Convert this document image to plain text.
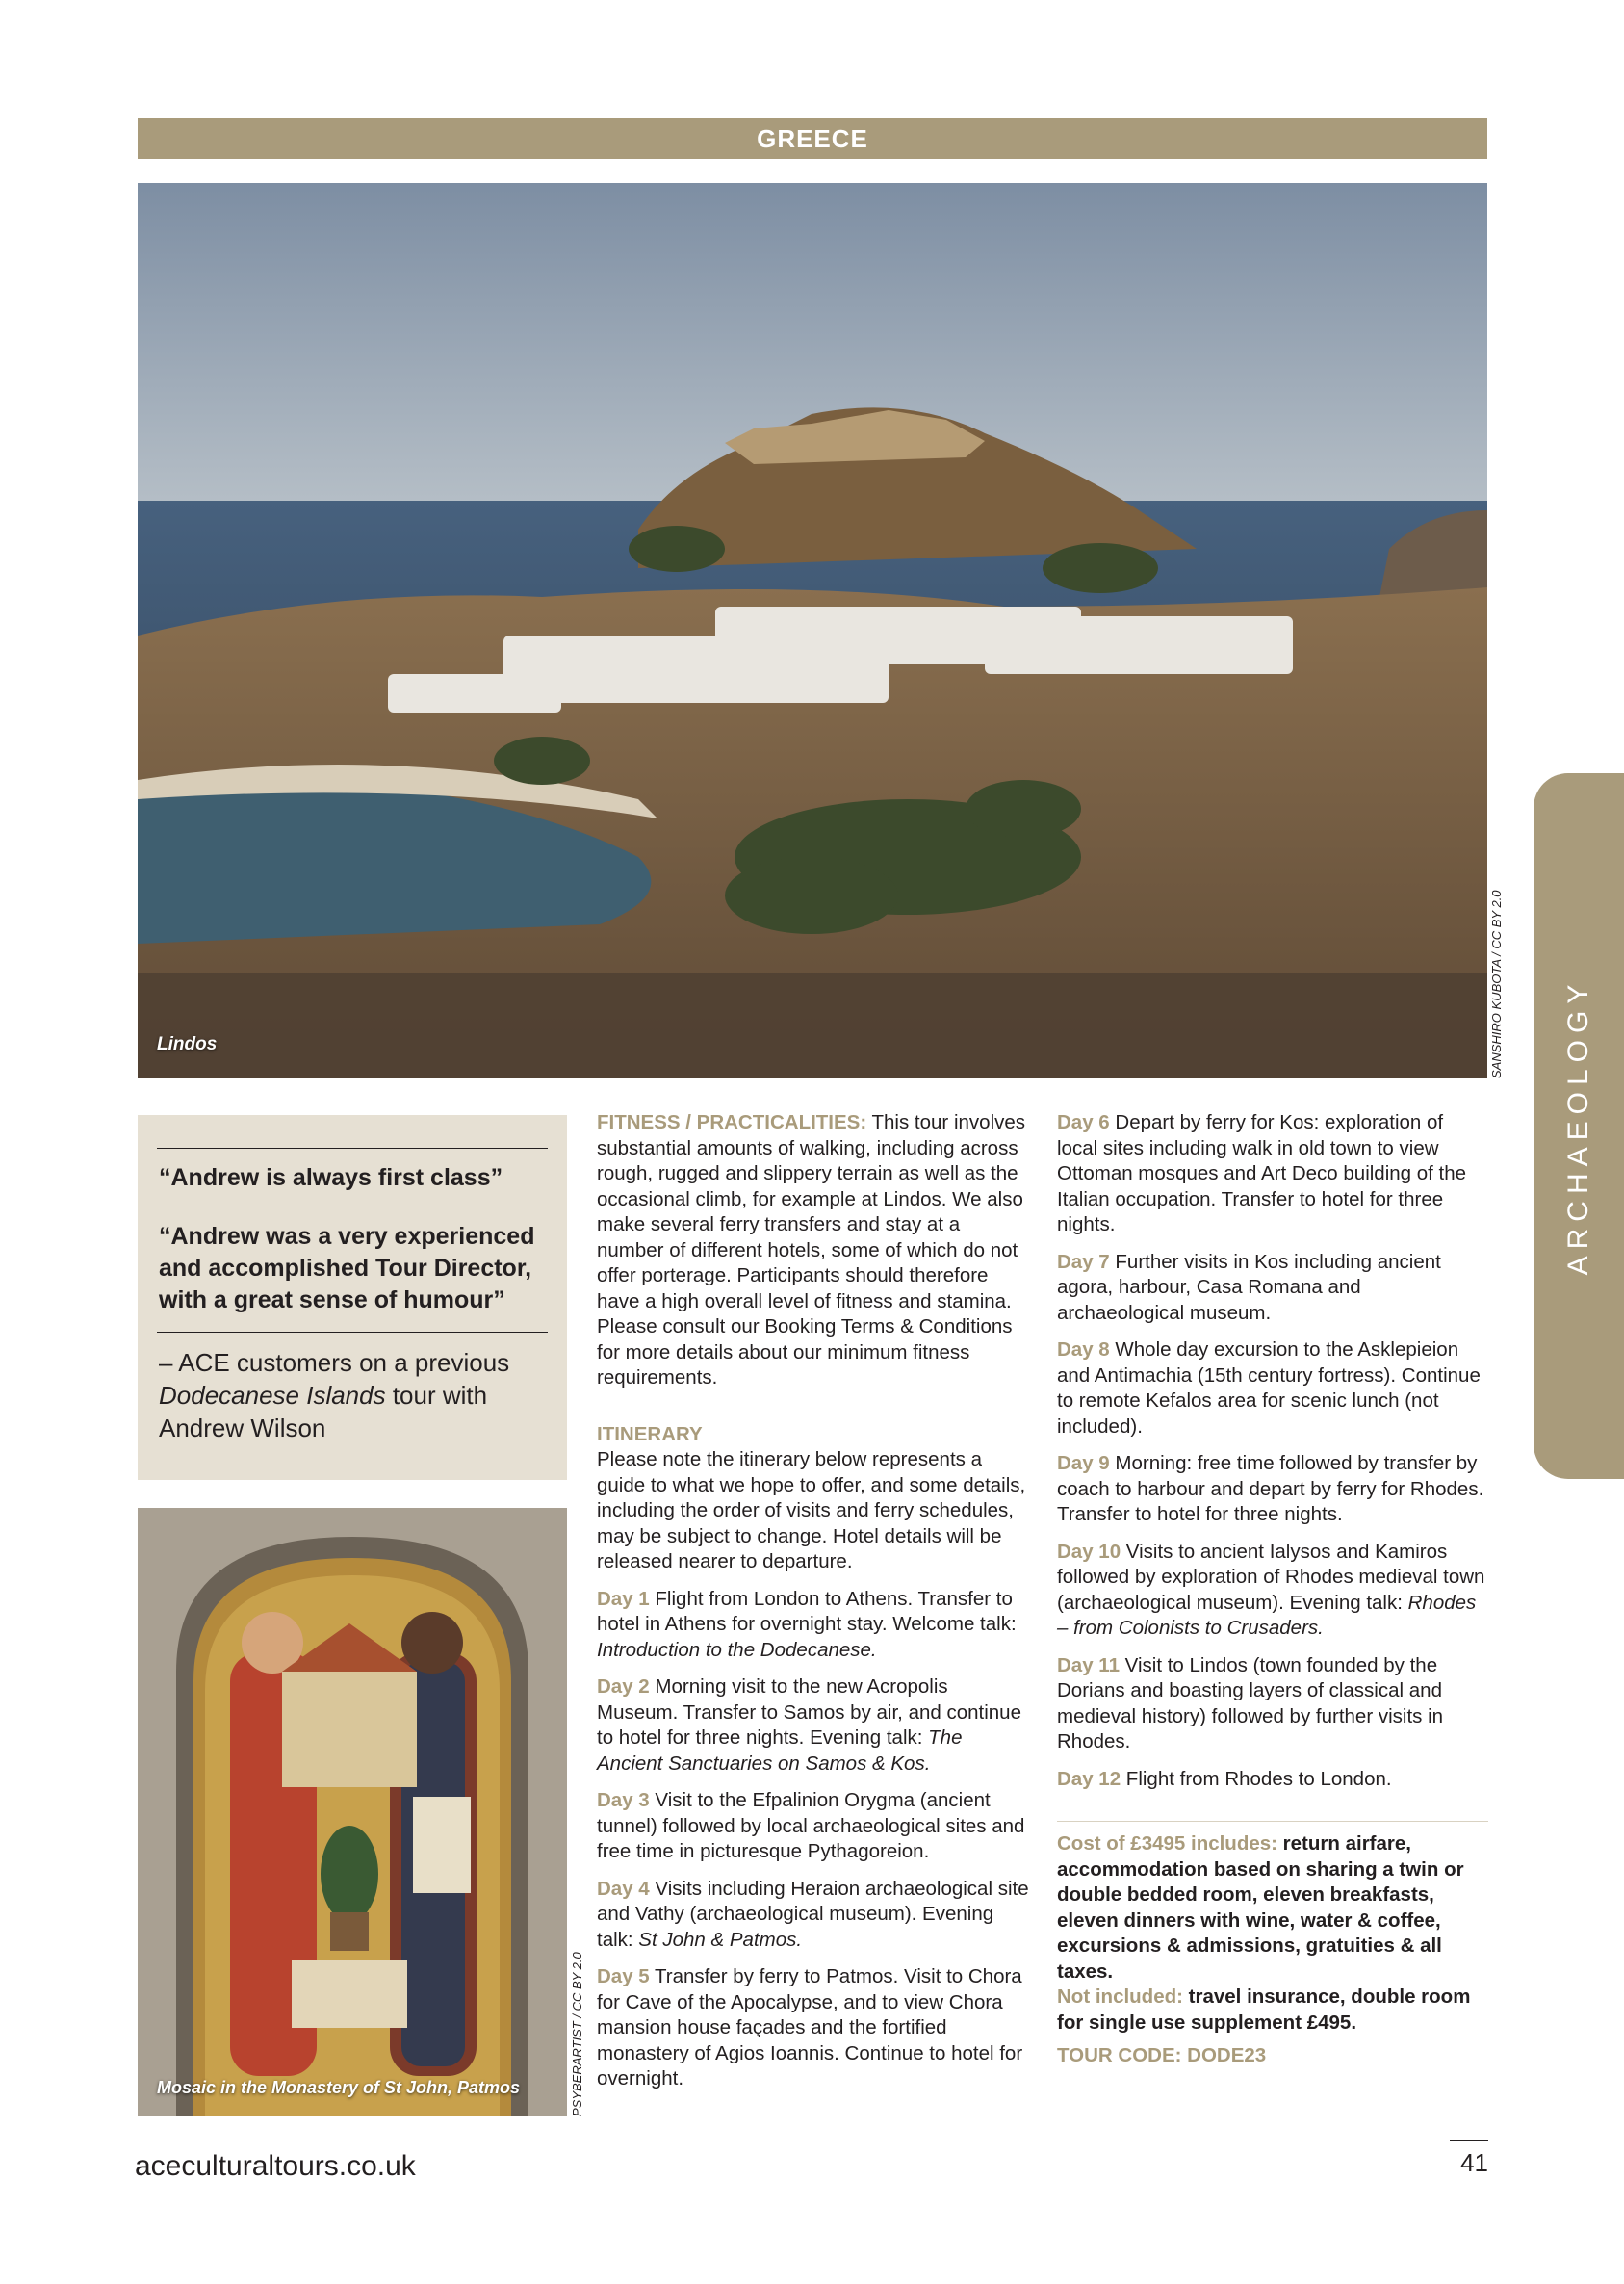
GREECE
Lindos	SANSHIRO KUBOTA / CC BY 2.0 ARCHAEOLOGY

“Andrew is always first class”

“Andrew was a very experienced and accomplished Tour Director, with a great sense of humour”

– ACE customers on a previous Dodecanese Islands tour with Andrew Wilson

Mosaic in the Monastery of St John, Patmos	PSYBERARTIST / CC BY 2.0

FITNESS / PRACTICALITIES: This tour involves substantial amounts of walking, including across rough, rugged and slippery terrain as well as the occasional climb, for example at Lindos. We also make several ferry transfers and stay at a number of different hotels, some of which do not offer porterage. Participants should therefore have a high overall level of fitness and stamina. Please consult our Booking Terms & Conditions for more details about our minimum fitness requirements.

ITINERARY

Please note the itinerary below represents a guide to what we hope to offer, and some details, including the order of visits and ferry schedules, may be subject to change. Hotel details will be released nearer to departure.

Day 1 Flight from London to Athens. Transfer to hotel in Athens for overnight stay. Welcome talk: Introduction to the Dodecanese.

Day 2 Morning visit to the new Acropolis Museum. Transfer to Samos by air, and continue to hotel for three nights. Evening talk: The Ancient Sanctuaries on Samos & Kos.

Day 3 Visit to the Efpalinion Orygma (ancient tunnel) followed by local archaeological sites and free time in picturesque Pythagoreion.

Day 4 Visits including Heraion archaeological site and Vathy (archaeological museum). Evening talk: St John & Patmos.

Day 5 Transfer by ferry to Patmos. Visit to Chora for Cave of the Apocalypse, and to view Chora mansion house façades and the fortified monastery of Agios Ioannis. Continue to hotel for overnight.

Day 6 Depart by ferry for Kos: exploration of local sites including walk in old town to view Ottoman mosques and Art Deco building of the Italian occupation. Transfer to hotel for three nights.

Day 7 Further visits in Kos including ancient agora, harbour, Casa Romana and archaeological museum.

Day 8 Whole day excursion to the Asklepieion and Antimachia (15th century fortress). Continue to remote Kefalos area for scenic lunch (not included).

Day 9 Morning: free time followed by transfer by coach to harbour and depart by ferry for Rhodes. Transfer to hotel for three nights.

Day 10 Visits to ancient Ialysos and Kamiros followed by exploration of Rhodes medieval town (archaeological museum). Evening talk: Rhodes – from Colonists to Crusaders.

Day 11 Visit to Lindos (town founded by the Dorians and boasting layers of classical and medieval history) followed by further visits in Rhodes.

Day 12 Flight from Rhodes to London.

Cost of £3495 includes: return airfare, accommodation based on sharing a twin or double bedded room, eleven breakfasts, eleven dinners with wine, water & coffee, excursions & admissions, gratuities & all taxes.

Not included: travel insurance, double room for single use supplement £495.

TOUR CODE: DODE23

aceculturaltours.co.uk	41
